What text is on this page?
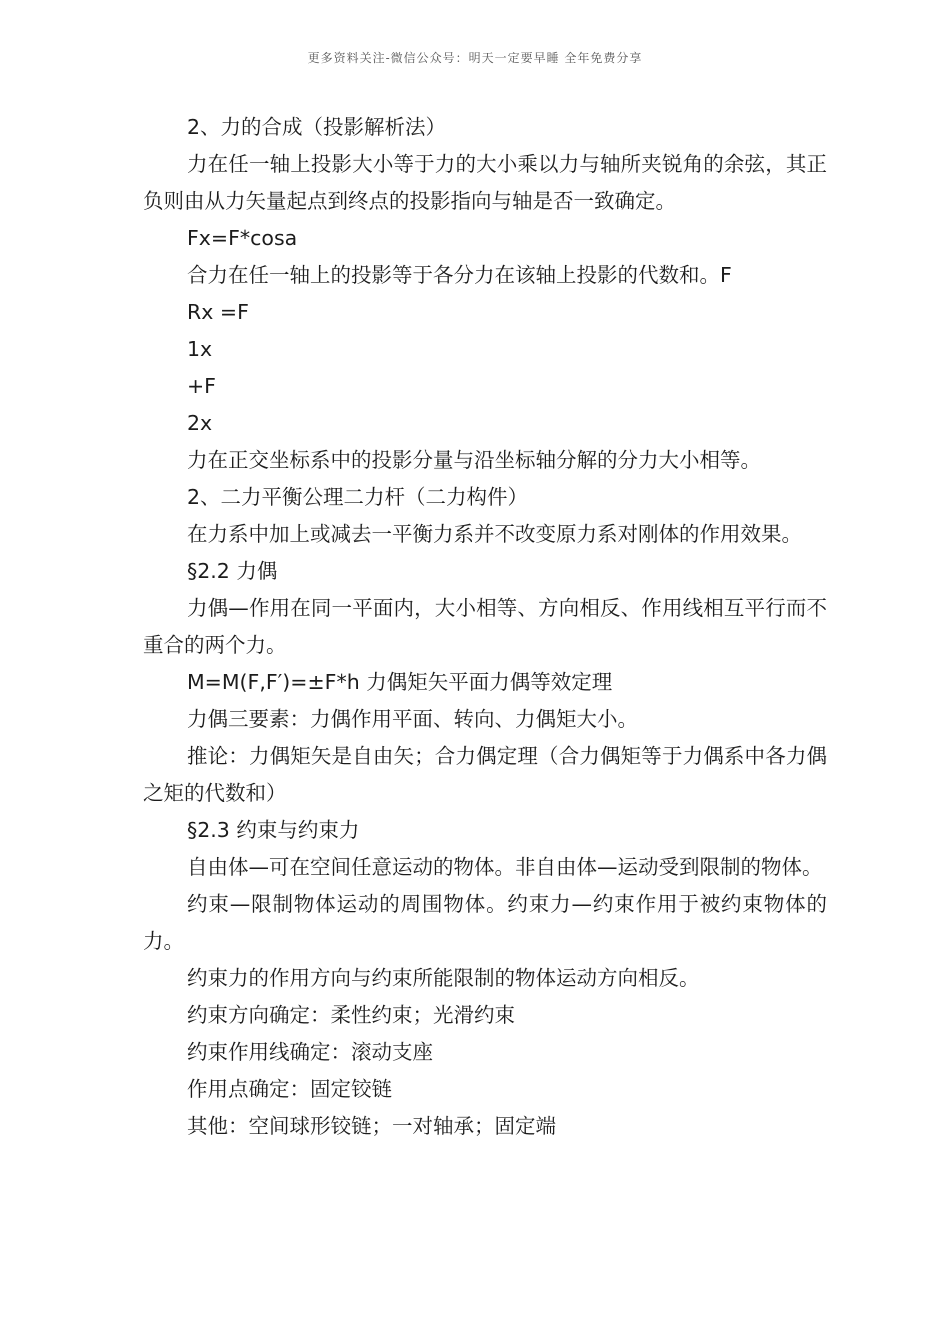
更多资料关注-微信公众号：明天一定要早睡 全年免费分享

2、力的合成（投影解析法）

力在任一轴上投影大小等于力的大小乘以力与轴所夹锐角的余弦，其正负则由从力矢量起点到终点的投影指向与轴是否一致确定。

Fx=F*cosa

合力在任一轴上的投影等于各分力在该轴上投影的代数和。F

Rx =F

1x

+F

2x

力在正交坐标系中的投影分量与沿坐标轴分解的分力大小相等。

2、二力平衡公理二力杆（二力构件）

在力系中加上或减去一平衡力系并不改变原力系对刚体的作用效果。

§2.2 力偶

力偶—作用在同一平面内，大小相等、方向相反、作用线相互平行而不重合的两个力。

M=M(F,F′)=±F*h 力偶矩矢平面力偶等效定理

力偶三要素：力偶作用平面、转向、力偶矩大小。

推论：力偶矩矢是自由矢；合力偶定理（合力偶矩等于力偶系中各力偶之矩的代数和）

§2.3 约束与约束力

自由体—可在空间任意运动的物体。非自由体—运动受到限制的物体。

约束—限制物体运动的周围物体。约束力—约束作用于被约束物体的力。

约束力的作用方向与约束所能限制的物体运动方向相反。

约束方向确定：柔性约束；光滑约束

约束作用线确定：滚动支座

作用点确定：固定铰链

其他：空间球形铰链；一对轴承；固定端
